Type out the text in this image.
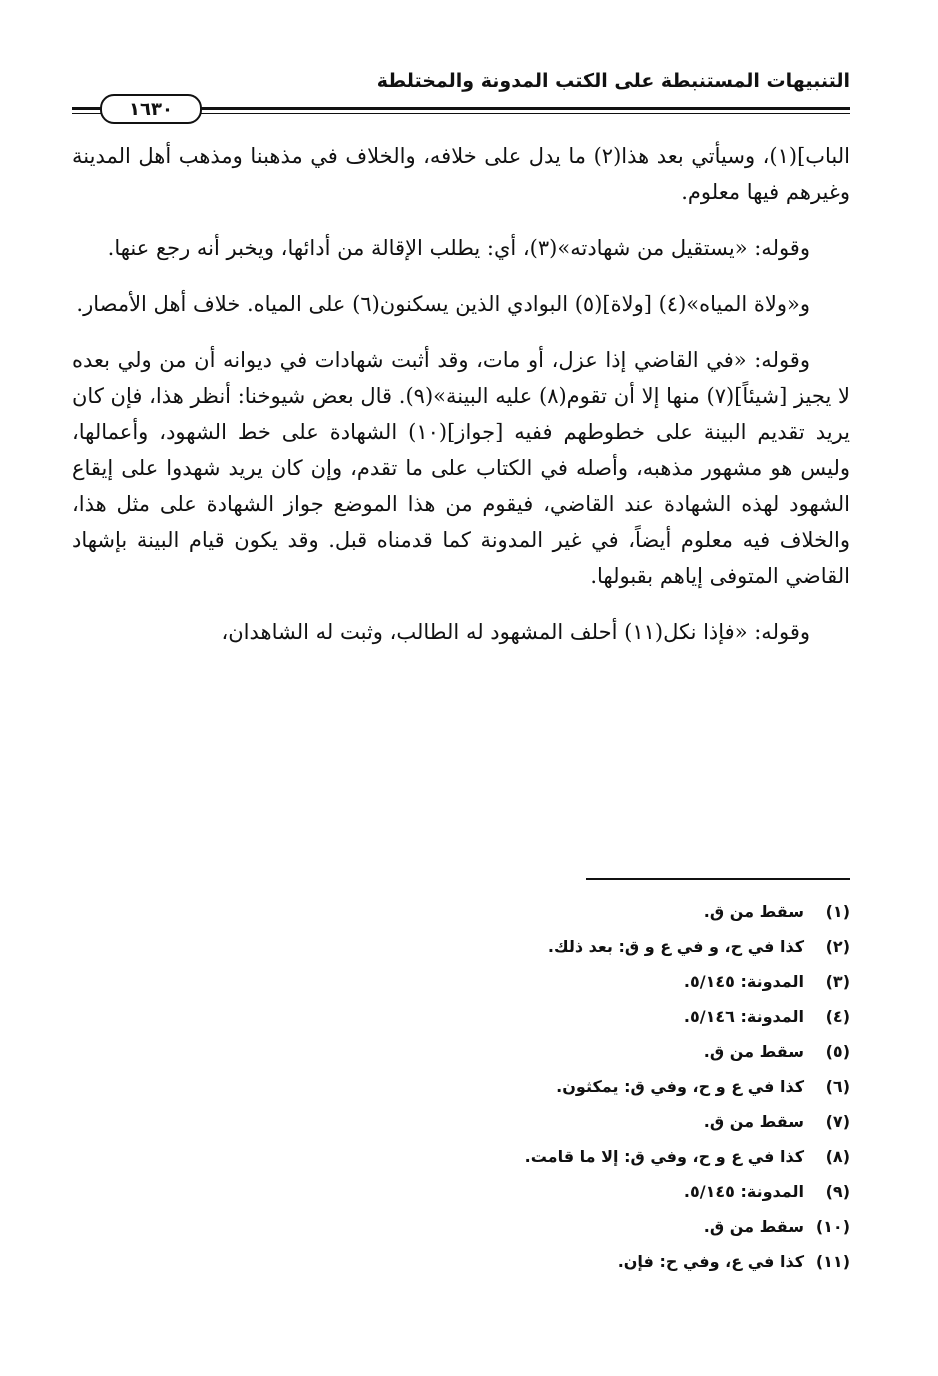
التنبيهات المستنبطة على الكتب المدونة والمختلطة
١٦٣٠

الباب](١)، وسيأتي بعد هذا(٢) ما يدل على خلافه، والخلاف في مذهبنا ومذهب أهل المدينة وغيرهم فيها معلوم.

وقوله: «يستقيل من شهادته»(٣)، أي: يطلب الإقالة من أدائها، ويخبر أنه رجع عنها.

و«ولاة المياه»(٤) [ولاة](٥) البوادي الذين يسكنون(٦) على المياه. خلاف أهل الأمصار.

وقوله: «في القاضي إذا عزل، أو مات، وقد أثبت شهادات في ديوانه أن من ولي بعده لا يجيز [شيئاً](٧) منها إلا أن تقوم(٨) عليه البينة»(٩). قال بعض شيوخنا: أنظر هذا، فإن كان يريد تقديم البينة على خطوطهم ففيه [جواز](١٠) الشهادة على خط الشهود، وأعمالها، وليس هو مشهور مذهبه، وأصله في الكتاب على ما تقدم، وإن كان يريد شهدوا على إيقاع الشهود لهذه الشهادة عند القاضي، فيقوم من هذا الموضع جواز الشهادة على مثل هذا، والخلاف فيه معلوم أيضاً، في غير المدونة كما قدمناه قبل. وقد يكون قيام البينة بإشهاد القاضي المتوفى إياهم بقبولها.

وقوله: «فإذا نكل(١١) أحلف المشهود له الطالب، وثبت له الشاهدان،

(١)
سقط من ق.
(٢)
كذا في ح، و في ع و ق: بعد ذلك.
(٣)
المدونة: ٥/١٤٥.
(٤)
المدونة: ٥/١٤٦.
(٥)
سقط من ق.
(٦)
كذا في ع و ح، وفي ق: يمكثون.
(٧)
سقط من ق.
(٨)
كذا في ع و ح، وفي ق: إلا ما قامت.
(٩)
المدونة: ٥/١٤٥.
(١٠)
سقط من ق.
(١١)
كذا في ع، وفي ح: فإن.
